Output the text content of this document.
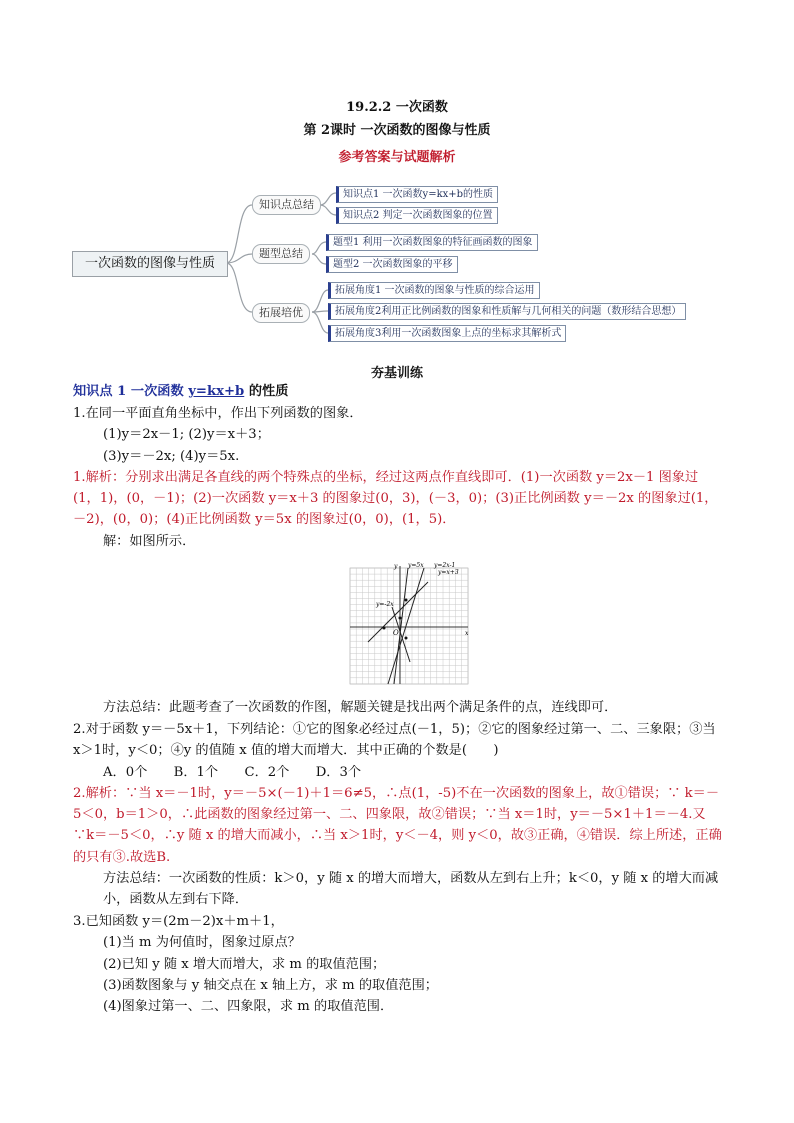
19.2.2 一次函数
第 2课时 一次函数的图像与性质
参考答案与试题解析
一次函数的图像与性质
知识点总结
知识点1 一次函数y=kx+b的性质
知识点2 判定一次函数图象的位置
题型总结
题型1 利用一次函数图象的特征画函数的图象
题型2 一次函数图象的平移
拓展培优
拓展角度1 一次函数的图象与性质的综合运用
拓展角度2利用正比例函数的图象和性质解与几何相关的问题（数形结合思想）
拓展角度3利用一次函数图象上点的坐标求其解析式
夯基训练
知识点 1 一次函数 y=kx+b 的性质
1.在同一平面直角坐标中，作出下列函数的图象．
(1)y＝2x－1; (2)y＝x＋3；
(3)y＝－2x; (4)y＝5x.
1.解析：分别求出满足各直线的两个特殊点的坐标，经过这两点作直线即可．(1)一次函数 y＝2x－1 图象过(1，1)，(0，－1)；(2)一次函数 y＝x＋3 的图象过(0，3)，(－3，0)；(3)正比例函数 y＝－2x 的图象过(1，－2)，(0，0)；(4)正比例函数 y＝5x 的图象过(0，0)，(1，5)．
解：如图所示．
y=5x y=2x-1
y=x+3
y=-2x
y
x
O
方法总结：此题考查了一次函数的作图，解题关键是找出两个满足条件的点，连线即可．
2.对于函数 y＝－5x＋1，下列结论：①它的图象必经过点(－1，5)；②它的图象经过第一、二、三象限；③当 x＞1时，y＜0；④y 的值随 x 值的增大而增大．其中正确的个数是(　　)
A．0个　　B．1个　　C．2个　　D．3个
2.解析：∵当 x＝－1时，y＝－5×(－1)＋1＝6≠5，∴点(1，-5)不在一次函数的图象上，故①错误；∵ k＝－5＜0，b＝1＞0，∴此函数的图象经过第一、二、四象限，故②错误；∵当 x＝1时，y＝－5×1＋1＝－4.又∵k＝－5＜0，∴y 随 x 的增大而减小，∴当 x＞1时，y＜－4，则 y＜0，故③正确，④错误．综上所述，正确的只有③.故选B.
方法总结：一次函数的性质：k＞0，y 随 x 的增大而增大，函数从左到右上升；k＜0，y 随 x 的增大而减小，函数从左到右下降．
3.已知函数 y＝(2m－2)x＋m＋1，
(1)当 m 为何值时，图象过原点？
(2)已知 y 随 x 增大而增大，求 m 的取值范围；
(3)函数图象与 y 轴交点在 x 轴上方，求 m 的取值范围；
(4)图象过第一、二、四象限，求 m 的取值范围．
